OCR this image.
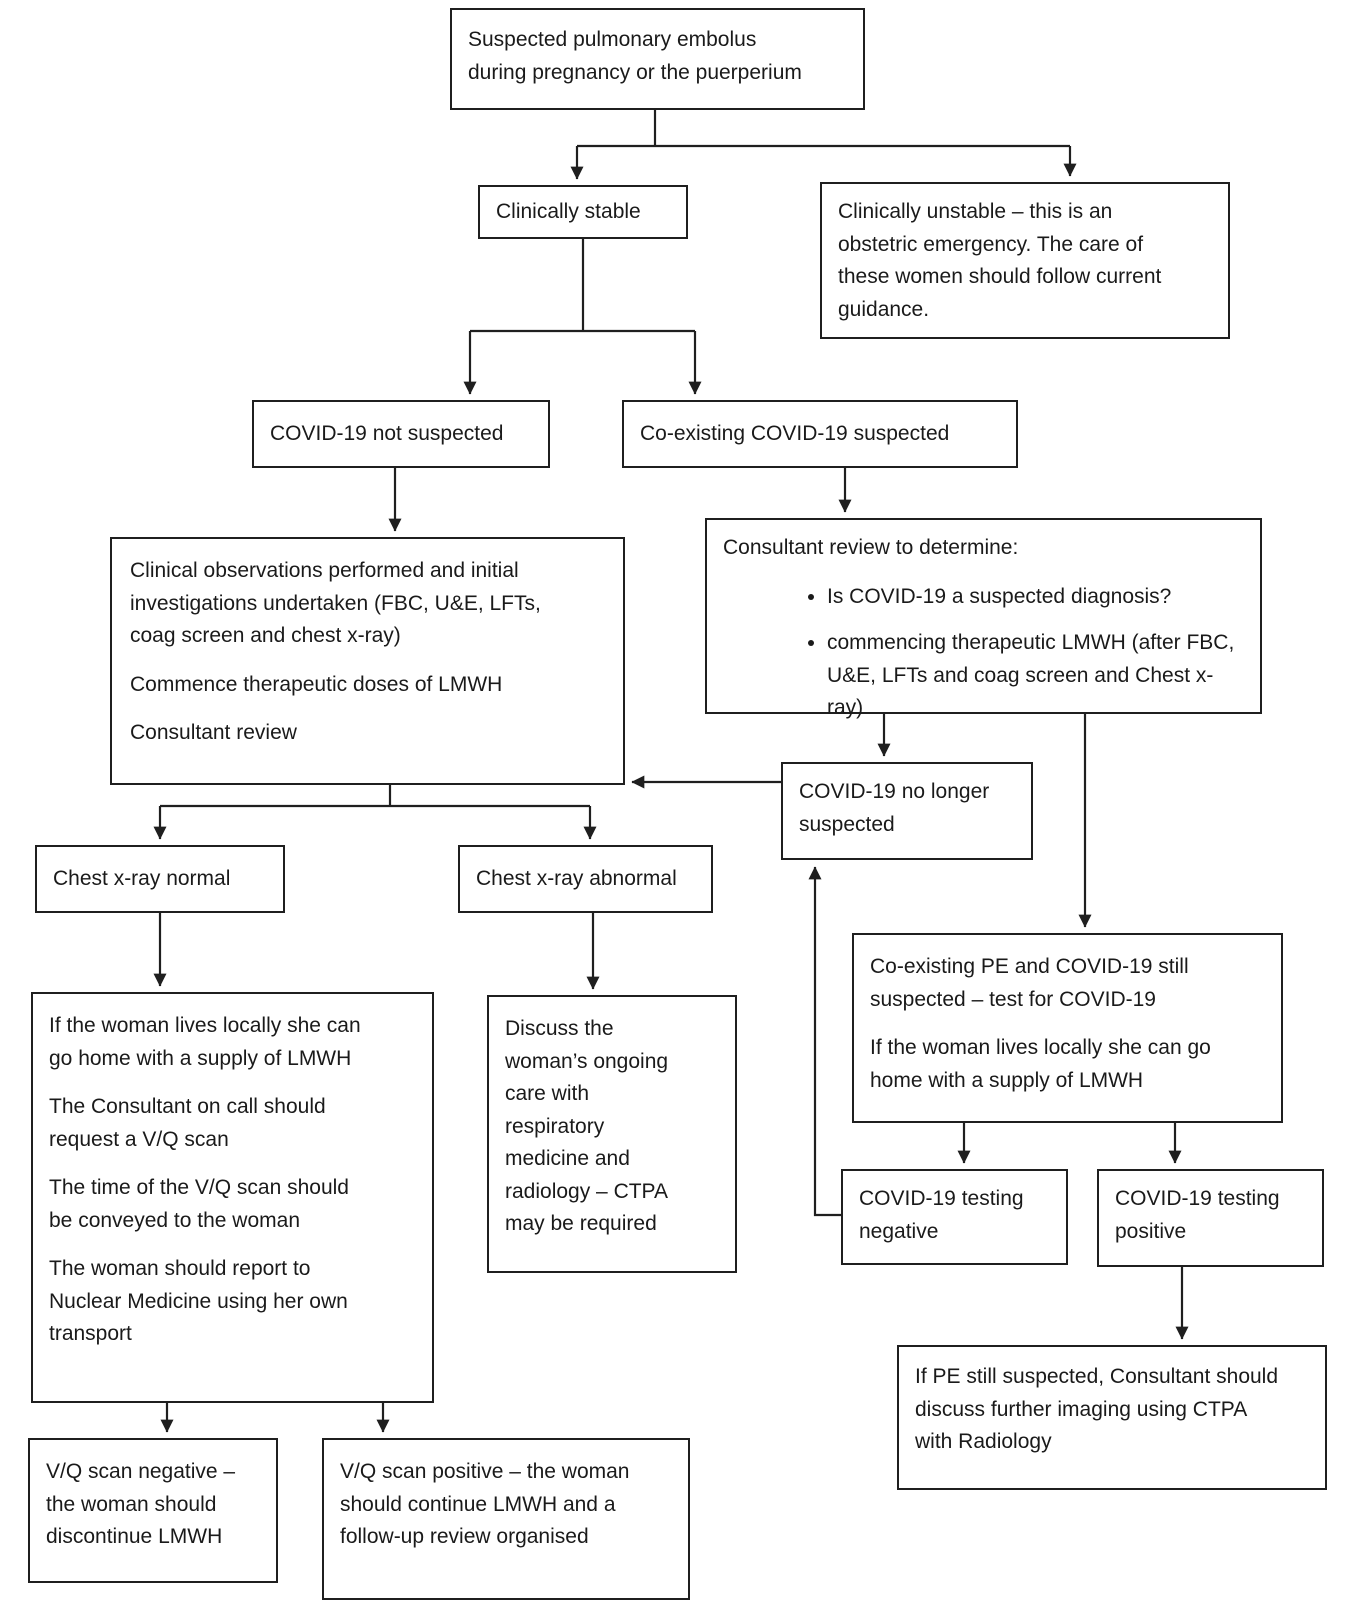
Suspected pulmonary embolus during pregnancy or the puerperium

Clinically stable	Clinically unstable – this is an obstetric emergency. The care of these women should follow current guidance.

COVID-19 not suspected	Co-existing COVID-19 suspected

Clinical observations performed and initial investigations undertaken (FBC, U&E, LFTs, coag screen and chest x-ray)

Commence therapeutic doses of LMWH

Consultant review

Consultant review to determine:

• Is COVID-19 a suspected diagnosis?
• commencing therapeutic LMWH (after FBC, U&E, LFTs and coag screen and Chest x-ray)

COVID-19 no longer suspected

Chest x-ray normal	Chest x-ray abnormal

Co-existing PE and COVID-19 still suspected – test for COVID-19

If the woman lives locally she can go home with a supply of LMWH

If the woman lives locally she can go home with a supply of LMWH

The Consultant on call should request a V/Q scan

The time of the V/Q scan should be conveyed to the woman

The woman should report to Nuclear Medicine using her own transport

Discuss the woman’s ongoing care with respiratory medicine and radiology – CTPA may be required

COVID-19 testing negative

COVID-19 testing positive

If PE still suspected, Consultant should discuss further imaging using CTPA with Radiology

V/Q scan negative – the woman should discontinue LMWH

V/Q scan positive – the woman should continue LMWH and a follow-up review organised
